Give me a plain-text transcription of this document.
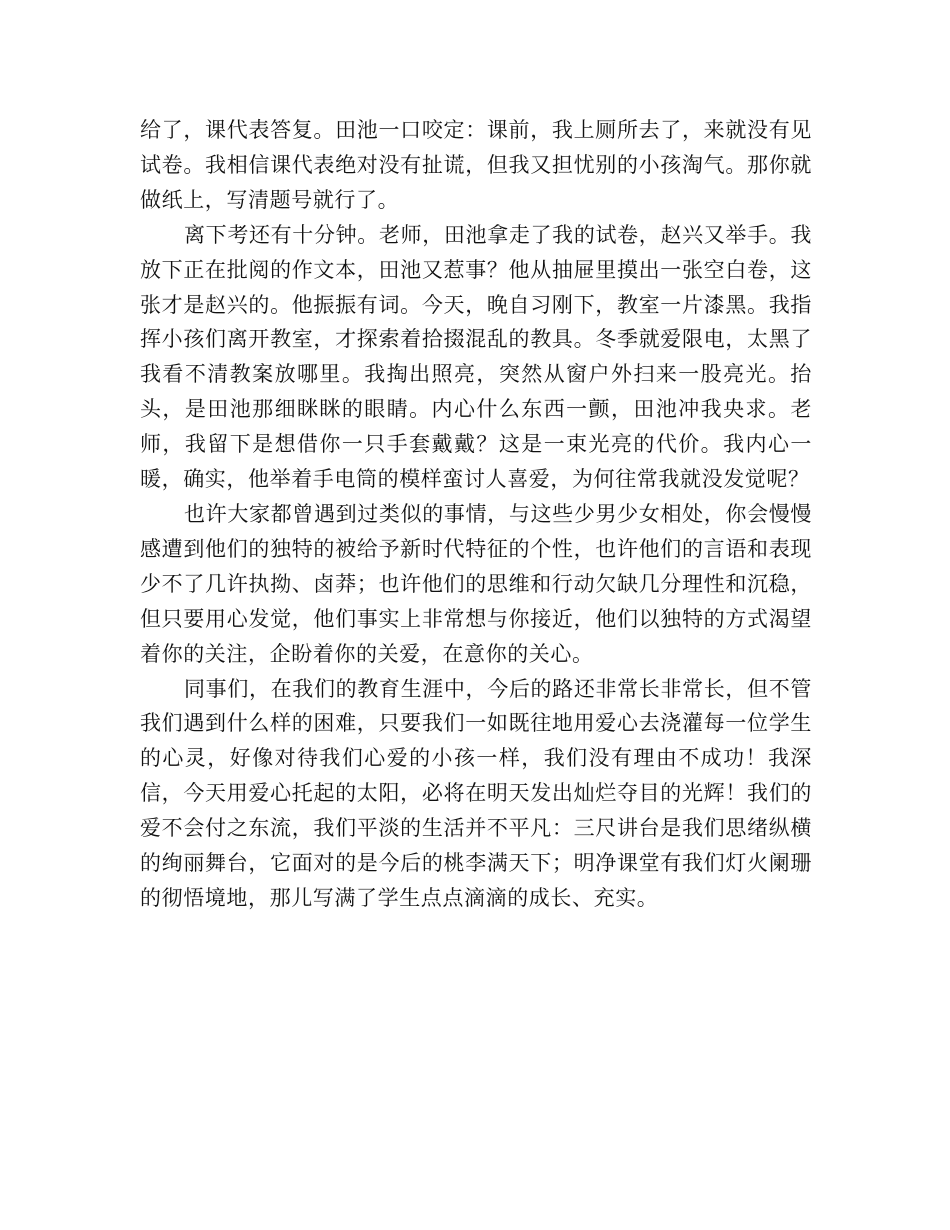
给了，课代表答复。田池一口咬定：课前，我上厕所去了，来就没有见试卷。我相信课代表绝对没有扯谎，但我又担忧别的小孩淘气。那你就做纸上，写清题号就行了。

离下考还有十分钟。老师，田池拿走了我的试卷，赵兴又举手。我放下正在批阅的作文本，田池又惹事？他从抽屉里摸出一张空白卷，这张才是赵兴的。他振振有词。今天，晚自习刚下，教室一片漆黑。我指挥小孩们离开教室，才探索着拾掇混乱的教具。冬季就爱限电，太黑了我看不清教案放哪里。我掏出照亮，突然从窗户外扫来一股亮光。抬头，是田池那细眯眯的眼睛。内心什么东西一颤，田池冲我央求。老师，我留下是想借你一只手套戴戴？这是一束光亮的代价。我内心一暖，确实，他举着手电筒的模样蛮讨人喜爱，为何往常我就没发觉呢？

也许大家都曾遇到过类似的事情，与这些少男少女相处，你会慢慢感遭到他们的独特的被给予新时代特征的个性，也许他们的言语和表现少不了几许执拗、卤莽；也许他们的思维和行动欠缺几分理性和沉稳，但只要用心发觉，他们事实上非常想与你接近，他们以独特的方式渴望着你的关注，企盼着你的关爱，在意你的关心。

同事们，在我们的教育生涯中，今后的路还非常长非常长，但不管我们遇到什么样的困难，只要我们一如既往地用爱心去浇灌每一位学生的心灵，好像对待我们心爱的小孩一样，我们没有理由不成功！我深信，今天用爱心托起的太阳，必将在明天发出灿烂夺目的光辉！我们的爱不会付之东流，我们平淡的生活并不平凡：三尺讲台是我们思绪纵横的绚丽舞台，它面对的是今后的桃李满天下；明净课堂有我们灯火阑珊的彻悟境地，那儿写满了学生点点滴滴的成长、充实。
